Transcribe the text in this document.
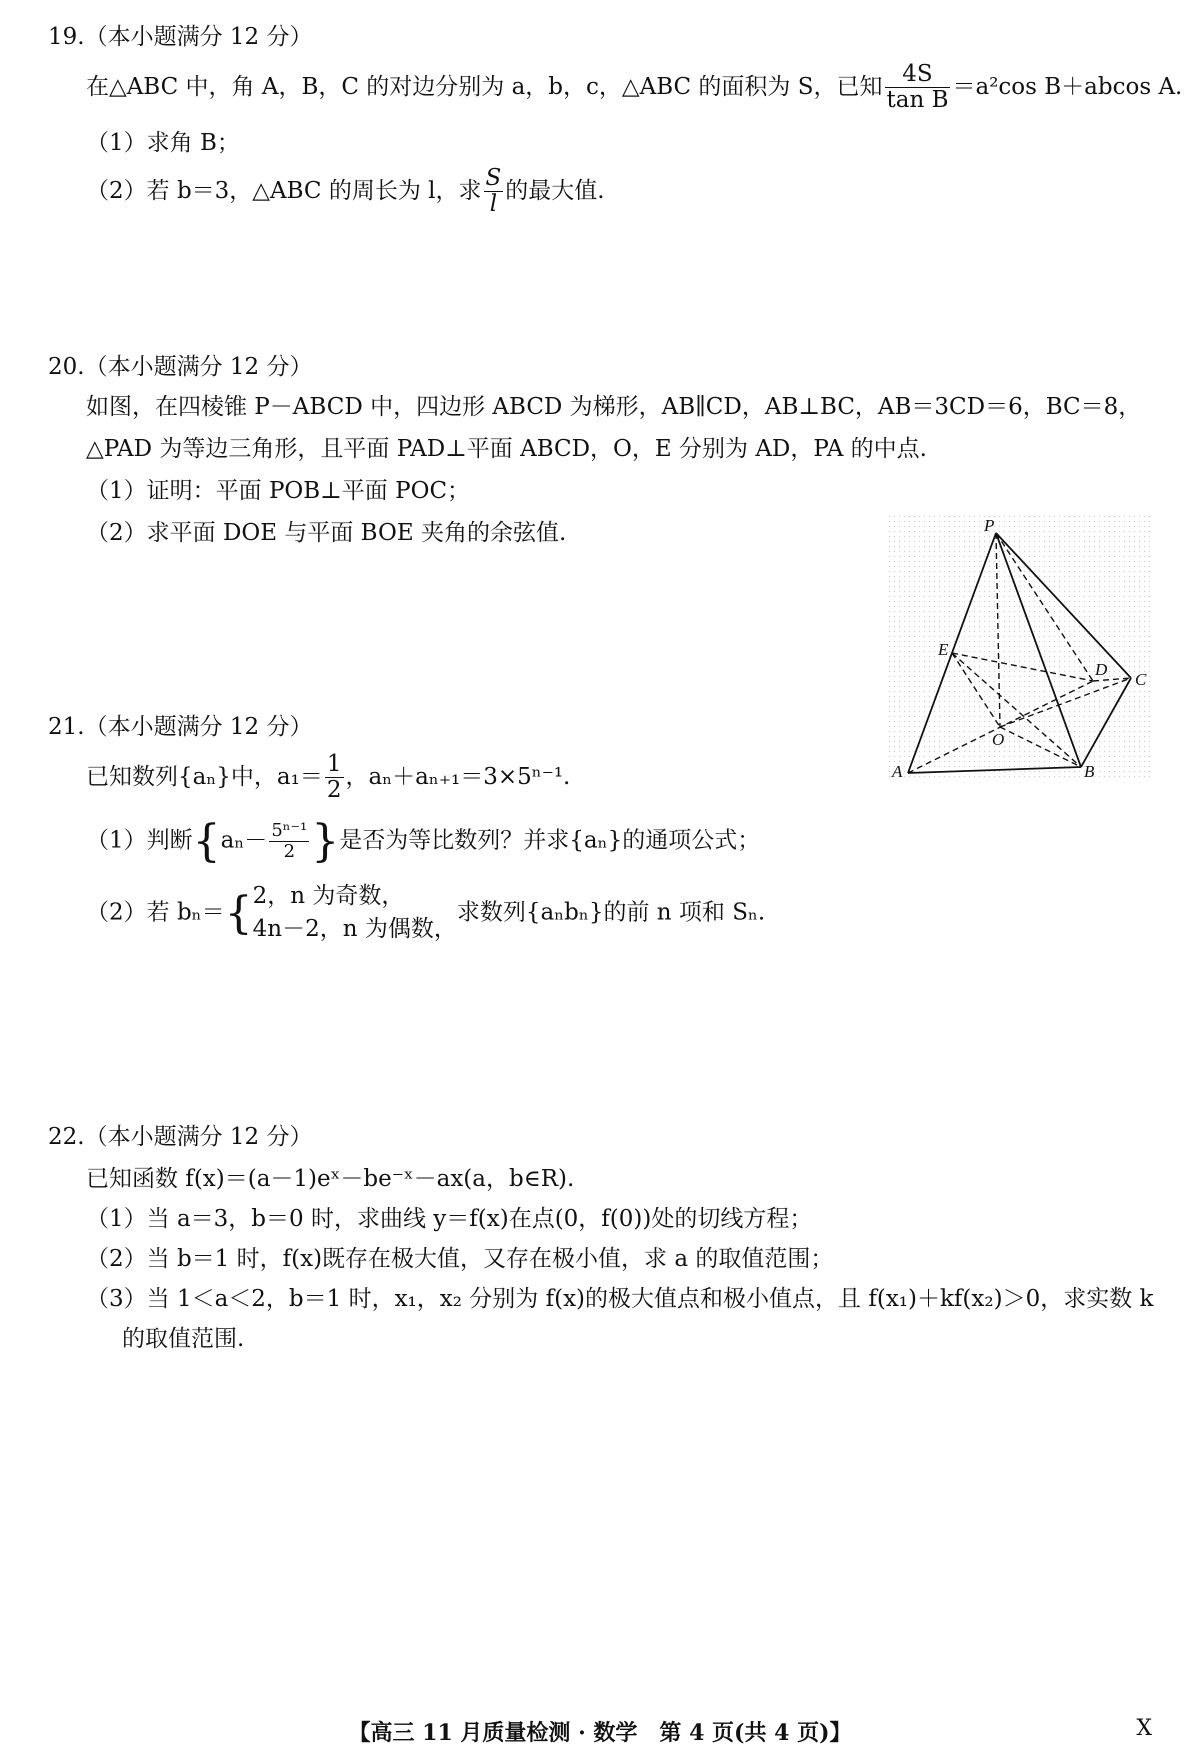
19.（本小题满分 12 分）
在△ABC 中，角 A，B，C 的对边分别为 a，b，c，△ABC 的面积为 S，已知 $\frac{4S}{\text{tan B}} =a^2\cos$ B＋abcos A.
（1）求角 B；
（2）若 b＝3，△ABC 的周长为 l，求 $\frac{S}{l}$ 的最大值.
20.（本小题满分 12 分）
如图，在四棱锥 P－ABCD 中，四边形 ABCD 为梯形，AB∥CD，AB⊥BC，AB＝3CD＝6，BC＝8，
△PAD 为等边三角形，且平面 PAD⊥平面 ABCD，O，E 分别为 AD，PA 的中点.
（1）证明：平面 POB⊥平面 POC；
（2）求平面 DOE 与平面 BOE 夹角的余弦值.	P
E
D
C
O
A	B
21.（本小题满分 12 分）
已知数列{aₙ}中，$a_1= \frac{1}{2}$ ，aₙ＋aₙ₊₁＝3×5ⁿ⁻¹.
（1）判断{$a_n- \frac{\text{5ⁿ⁻¹}}{2}$ }是否为等比数列？并求{aₙ}的通项公式；
（2）若 bₙ＝{ 2，n 为奇数，
4n－2，n 为偶数，
求数列{aₙbₙ}的前 n 项和 Sₙ.
22.（本小题满分 12 分）
已知函数 f(x)＝(a－1)eˣ－be⁻ˣ－ax(a，b∈R).
（1）当 a＝3，b＝0 时，求曲线 y＝f(x)在点(0，f(0))处的切线方程；
（2）当 b＝1 时，f(x)既存在极大值，又存在极小值，求 a 的取值范围；
（3）当 1＜a＜2，b＝1 时，x₁，x₂ 分别为 f(x)的极大值点和极小值点，且 f(x₁)＋kf(x₂)＞0，求实数 k
的取值范围.
【高三 11 月质量检测 · 数学　第 4 页(共 4 页)】	X
